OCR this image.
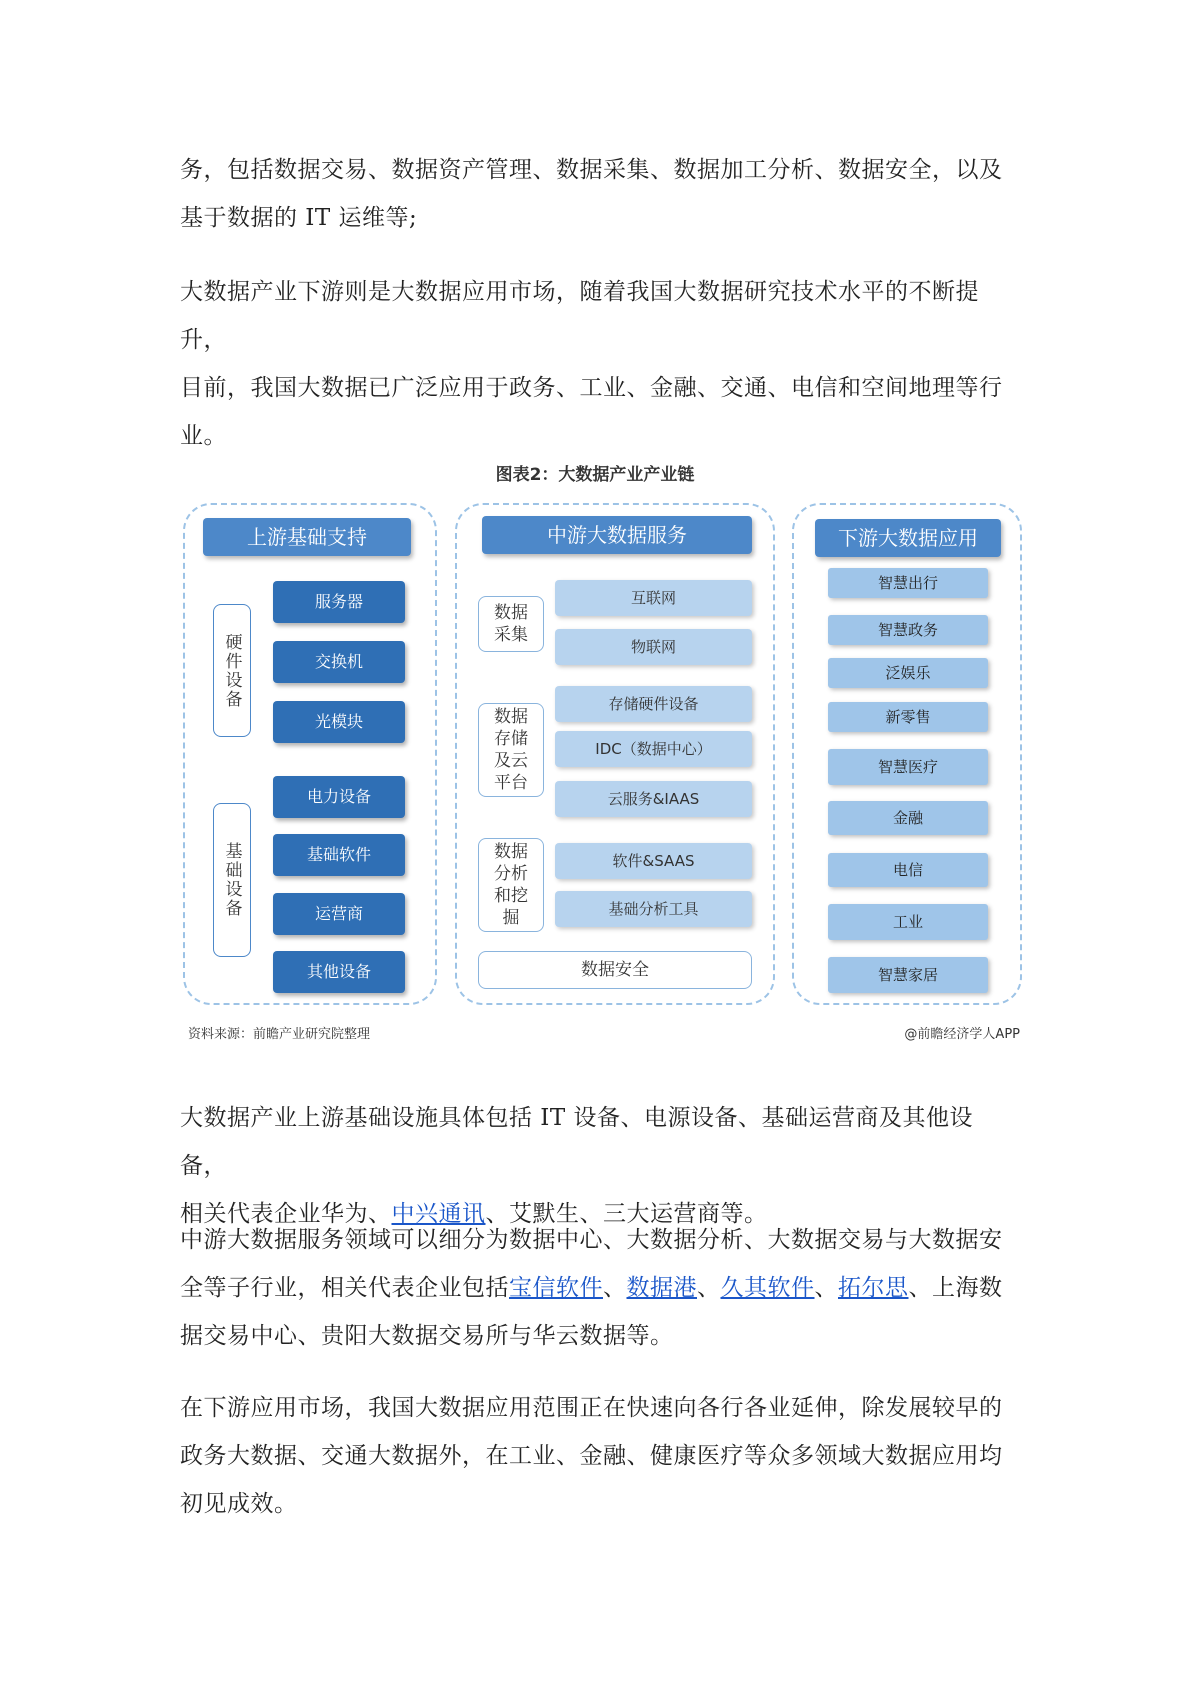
务，包括数据交易、数据资产管理、数据采集、数据加工分析、数据安全，以及
基于数据的 IT 运维等;

大数据产业下游则是大数据应用市场，随着我国大数据研究技术水平的不断提升，
目前，我国大数据已广泛应用于政务、工业、金融、交通、电信和空间地理等行
业。

图表2：大数据产业产业链
上游基础支持
硬件设备
服务器
交换机
光模块
基础设备
电力设备
基础软件
运营商
其他设备
中游大数据服务
数据采集
互联网
物联网
数据存储及云平台
存储硬件设备
IDC（数据中心）
云服务&IAAS
数据分析和挖掘
软件&SAAS
基础分析工具
数据安全
下游大数据应用
智慧出行
智慧政务
泛娱乐
新零售
智慧医疗
金融
电信
工业
智慧家居
资料来源：前瞻产业研究院整理	@前瞻经济学人APP

大数据产业上游基础设施具体包括 IT 设备、电源设备、基础运营商及其他设备，
相关代表企业华为、中兴通讯、艾默生、三大运营商等。

中游大数据服务领域可以细分为数据中心、大数据分析、大数据交易与大数据安
全等子行业，相关代表企业包括宝信软件、数据港、久其软件、拓尔思、上海数
据交易中心、贵阳大数据交易所与华云数据等。

在下游应用市场，我国大数据应用范围正在快速向各行各业延伸，除发展较早的
政务大数据、交通大数据外，在工业、金融、健康医疗等众多领域大数据应用均
初见成效。
